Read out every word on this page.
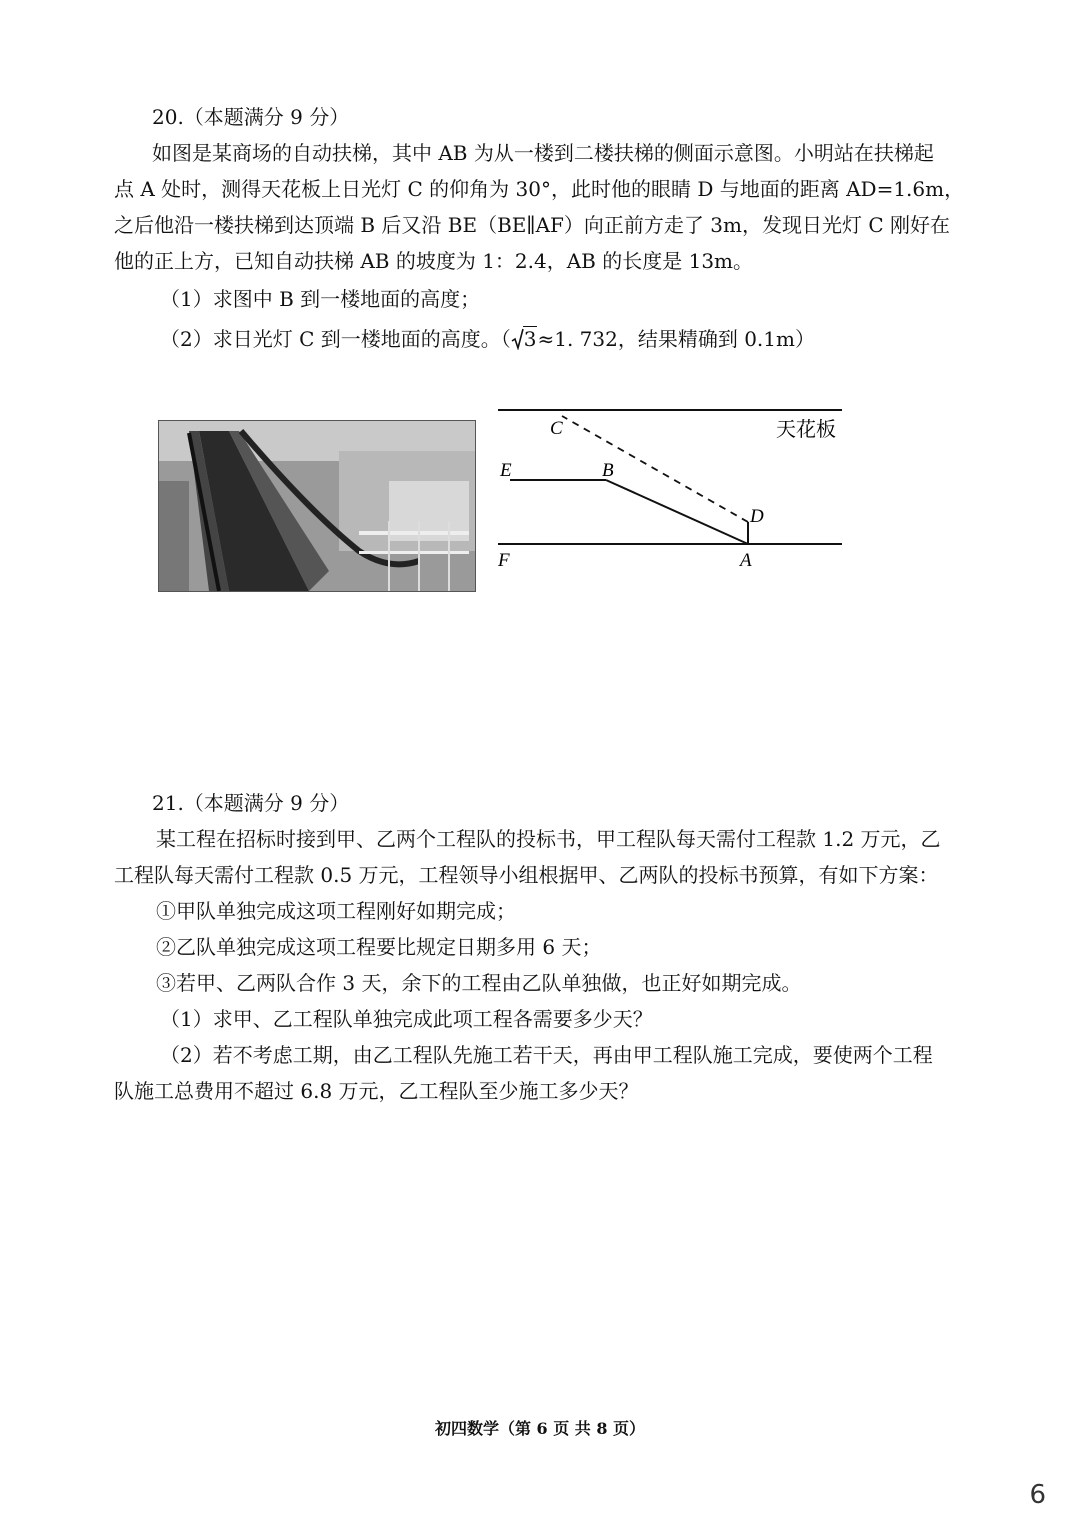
20.（本题满分 9 分）
如图是某商场的自动扶梯，其中 AB 为从一楼到二楼扶梯的侧面示意图。小明站在扶梯起
点 A 处时，测得天花板上日光灯 C 的仰角为 30°，此时他的眼睛 D 与地面的距离 AD=1.6m，
之后他沿一楼扶梯到达顶端 B 后又沿 BE（BE∥AF）向正前方走了 3m，发现日光灯 C 刚好在
他的正上方，已知自动扶梯 AB 的坡度为 1：2.4，AB 的长度是 13m。
（1）求图中 B 到一楼地面的高度；
（2）求日光灯 C 到一楼地面的高度。（ 3≈1. 732，结果精确到 0.1m）
C	天花板
E	B
D
F	A
21.（本题满分 9 分）
某工程在招标时接到甲、乙两个工程队的投标书，甲工程队每天需付工程款 1.2 万元，乙
工程队每天需付工程款 0.5 万元，工程领导小组根据甲、乙两队的投标书预算，有如下方案：
①甲队单独完成这项工程刚好如期完成；
②乙队单独完成这项工程要比规定日期多用 6 天；
③若甲、乙两队合作 3 天，余下的工程由乙队单独做，也正好如期完成。
（1）求甲、乙工程队单独完成此项工程各需要多少天？
（2）若不考虑工期，由乙工程队先施工若干天，再由甲工程队施工完成，要使两个工程
队施工总费用不超过 6.8 万元，乙工程队至少施工多少天？
初四数学（第 6 页 共 8 页）
6
